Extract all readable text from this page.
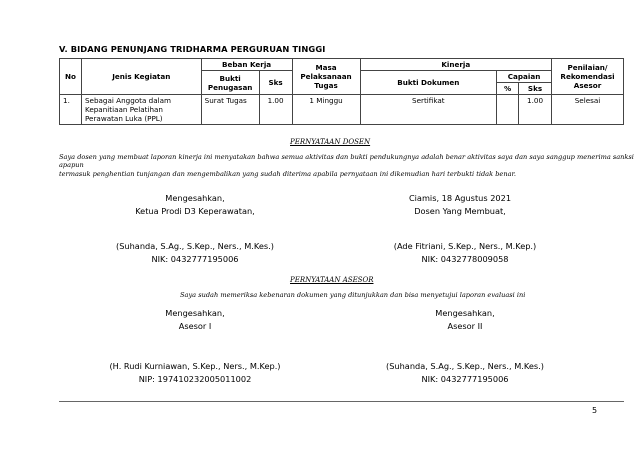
V. BIDANG PENUNJANG TRIDHARMA PERGURUAN TINGGI
No	Jenis Kegiatan	Beban Kerja		Masa Pelaksanaan Tugas	Kinerja			Penilaian/ Rekomendasi Asesor
		Bukti Penugasan	Sks		Bukti Dokumen	Capaian		
						%	Sks	
1.	Sebagai Anggota dalam Kepanitiaan Pelatihan Perawatan Luka (PPL)	Surat Tugas	1.00	1 Minggu	Sertifikat		1.00	Selesai
PERNYATAAN DOSEN
Saya dosen yang membuat laporan kinerja ini menyatakan bahwa semua aktivitas dan bukti pendukungnya adalah benar aktivitas saya dan saya sanggup menerima sanksi apapun
termasuk penghentian tunjangan dan mengembalikan yang sudah diterima apabila pernyataan ini dikemudian hari terbukti tidak benar.
Mengesahkan,
Ketua Prodi D3 Keperawatan,
Ciamis, 18 Agustus 2021
Dosen Yang Membuat,
(Suhanda, S.Ag., S.Kep., Ners., M.Kes.)
NIK: 0432777195006
(Ade Fitriani, S.Kep., Ners., M.Kep.)
NIK: 0432778009058
PERNYATAAN ASESOR
Saya sudah memeriksa kebenaran dokumen yang ditunjukkan dan bisa menyetujui laporan evaluasi ini
Mengesahkan,
Asesor I
Mengesahkan,
Asesor II
(H. Rudi Kurniawan, S.Kep., Ners., M.Kep.)
NIP: 197410232005011002
(Suhanda, S.Ag., S.Kep., Ners., M.Kes.)
NIK: 0432777195006
5
